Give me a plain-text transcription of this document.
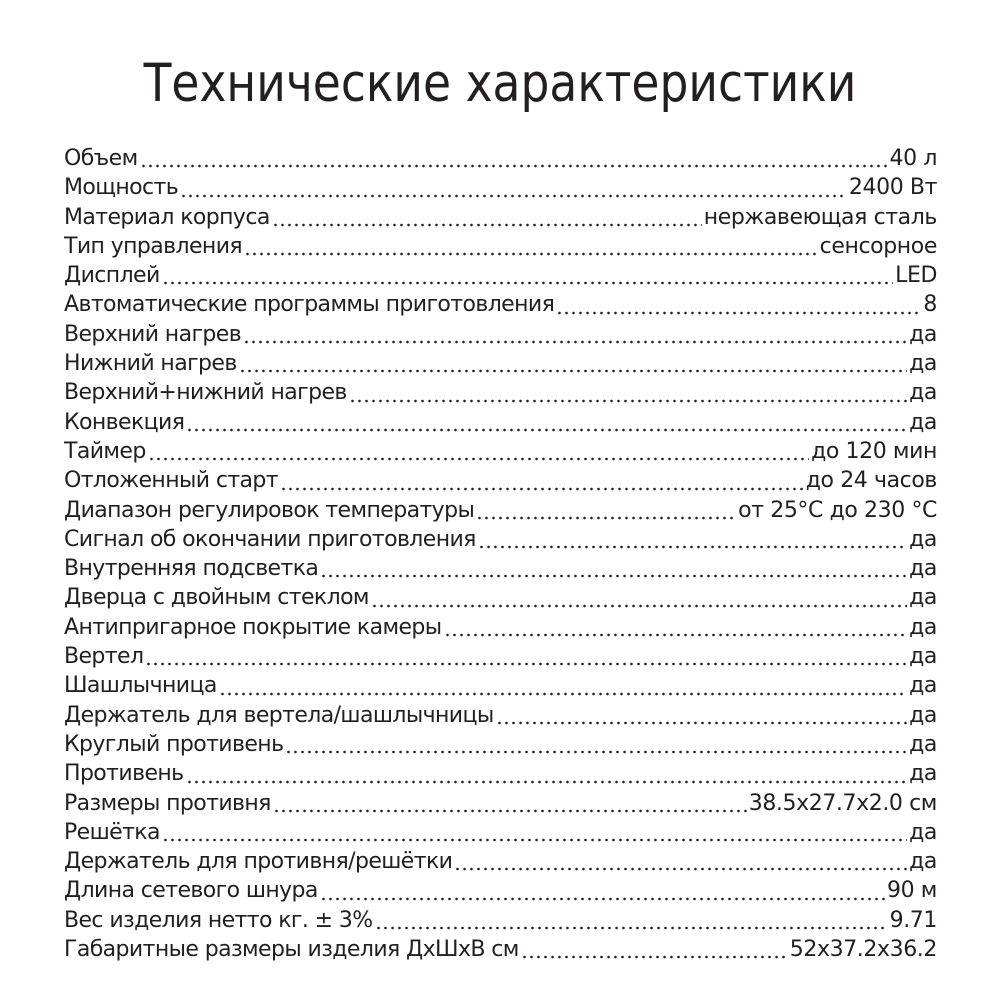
Технические характеристики
Объем	40 л
Мощность	2400 Вт
Материал корпуса	нержавеющая сталь
Тип управления	сенсорное
Дисплей	LED
Автоматические программы приготовления	8
Верхний нагрев	да
Нижний нагрев	да
Верхний+нижний нагрев	да
Конвекция	да
Таймер	до 120 мин
Отложенный старт	до 24 часов
Диапазон регулировок температуры	от 25°С до 230 °С
Сигнал об окончании приготовления	да
Внутренняя подсветка	да
Дверца с двойным стеклом	да
Антипригарное покрытие камеры	да
Вертел	да
Шашлычница	да
Держатель для вертела/шашлычницы	да
Круглый противень	да
Противень	да
Размеры противня	38.5x27.7x2.0 см
Решётка	да
Держатель для противня/решётки	да
Длина сетевого шнура	90 м
Вес изделия нетто кг. ± 3%	9.71
Габаритные размеры изделия ДхШхВ см	52x37.2x36.2
